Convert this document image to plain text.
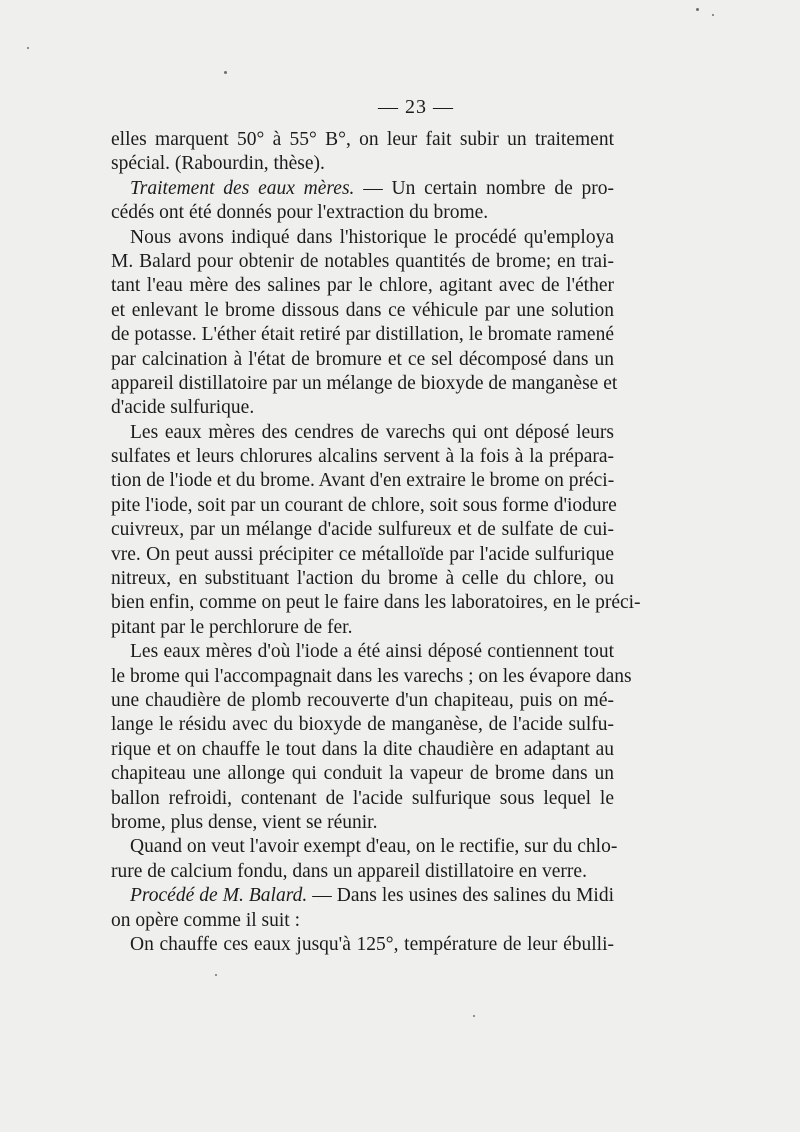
— 23 —
elles marquent 50° à 55° B°, on leur fait subir un traitement
spécial. (Rabourdin, thèse).
Traitement des eaux mères. — Un certain nombre de pro-
cédés ont été donnés pour l'extraction du brome.
Nous avons indiqué dans l'historique le procédé qu'employa
M. Balard pour obtenir de notables quantités de brome; en trai-
tant l'eau mère des salines par le chlore, agitant avec de l'éther
et enlevant le brome dissous dans ce véhicule par une solution
de potasse. L'éther était retiré par distillation, le bromate ramené
par calcination à l'état de bromure et ce sel décomposé dans un
appareil distillatoire par un mélange de bioxyde de manganèse et
d'acide sulfurique.
Les eaux mères des cendres de varechs qui ont déposé leurs
sulfates et leurs chlorures alcalins servent à la fois à la prépara-
tion de l'iode et du brome. Avant d'en extraire le brome on préci-
pite l'iode, soit par un courant de chlore, soit sous forme d'iodure
cuivreux, par un mélange d'acide sulfureux et de sulfate de cui-
vre. On peut aussi précipiter ce métalloïde par l'acide sulfurique
nitreux, en substituant l'action du brome à celle du chlore, ou
bien enfin, comme on peut le faire dans les laboratoires, en le préci-
pitant par le perchlorure de fer.
Les eaux mères d'où l'iode a été ainsi déposé contiennent tout
le brome qui l'accompagnait dans les varechs ; on les évapore dans
une chaudière de plomb recouverte d'un chapiteau, puis on mé-
lange le résidu avec du bioxyde de manganèse, de l'acide sulfu-
rique et on chauffe le tout dans la dite chaudière en adaptant au
chapiteau une allonge qui conduit la vapeur de brome dans un
ballon refroidi, contenant de l'acide sulfurique sous lequel le
brome, plus dense, vient se réunir.
Quand on veut l'avoir exempt d'eau, on le rectifie, sur du chlo-
rure de calcium fondu, dans un appareil distillatoire en verre.
Procédé de M. Balard. — Dans les usines des salines du Midi
on opère comme il suit :
On chauffe ces eaux jusqu'à 125°, température de leur ébulli-
